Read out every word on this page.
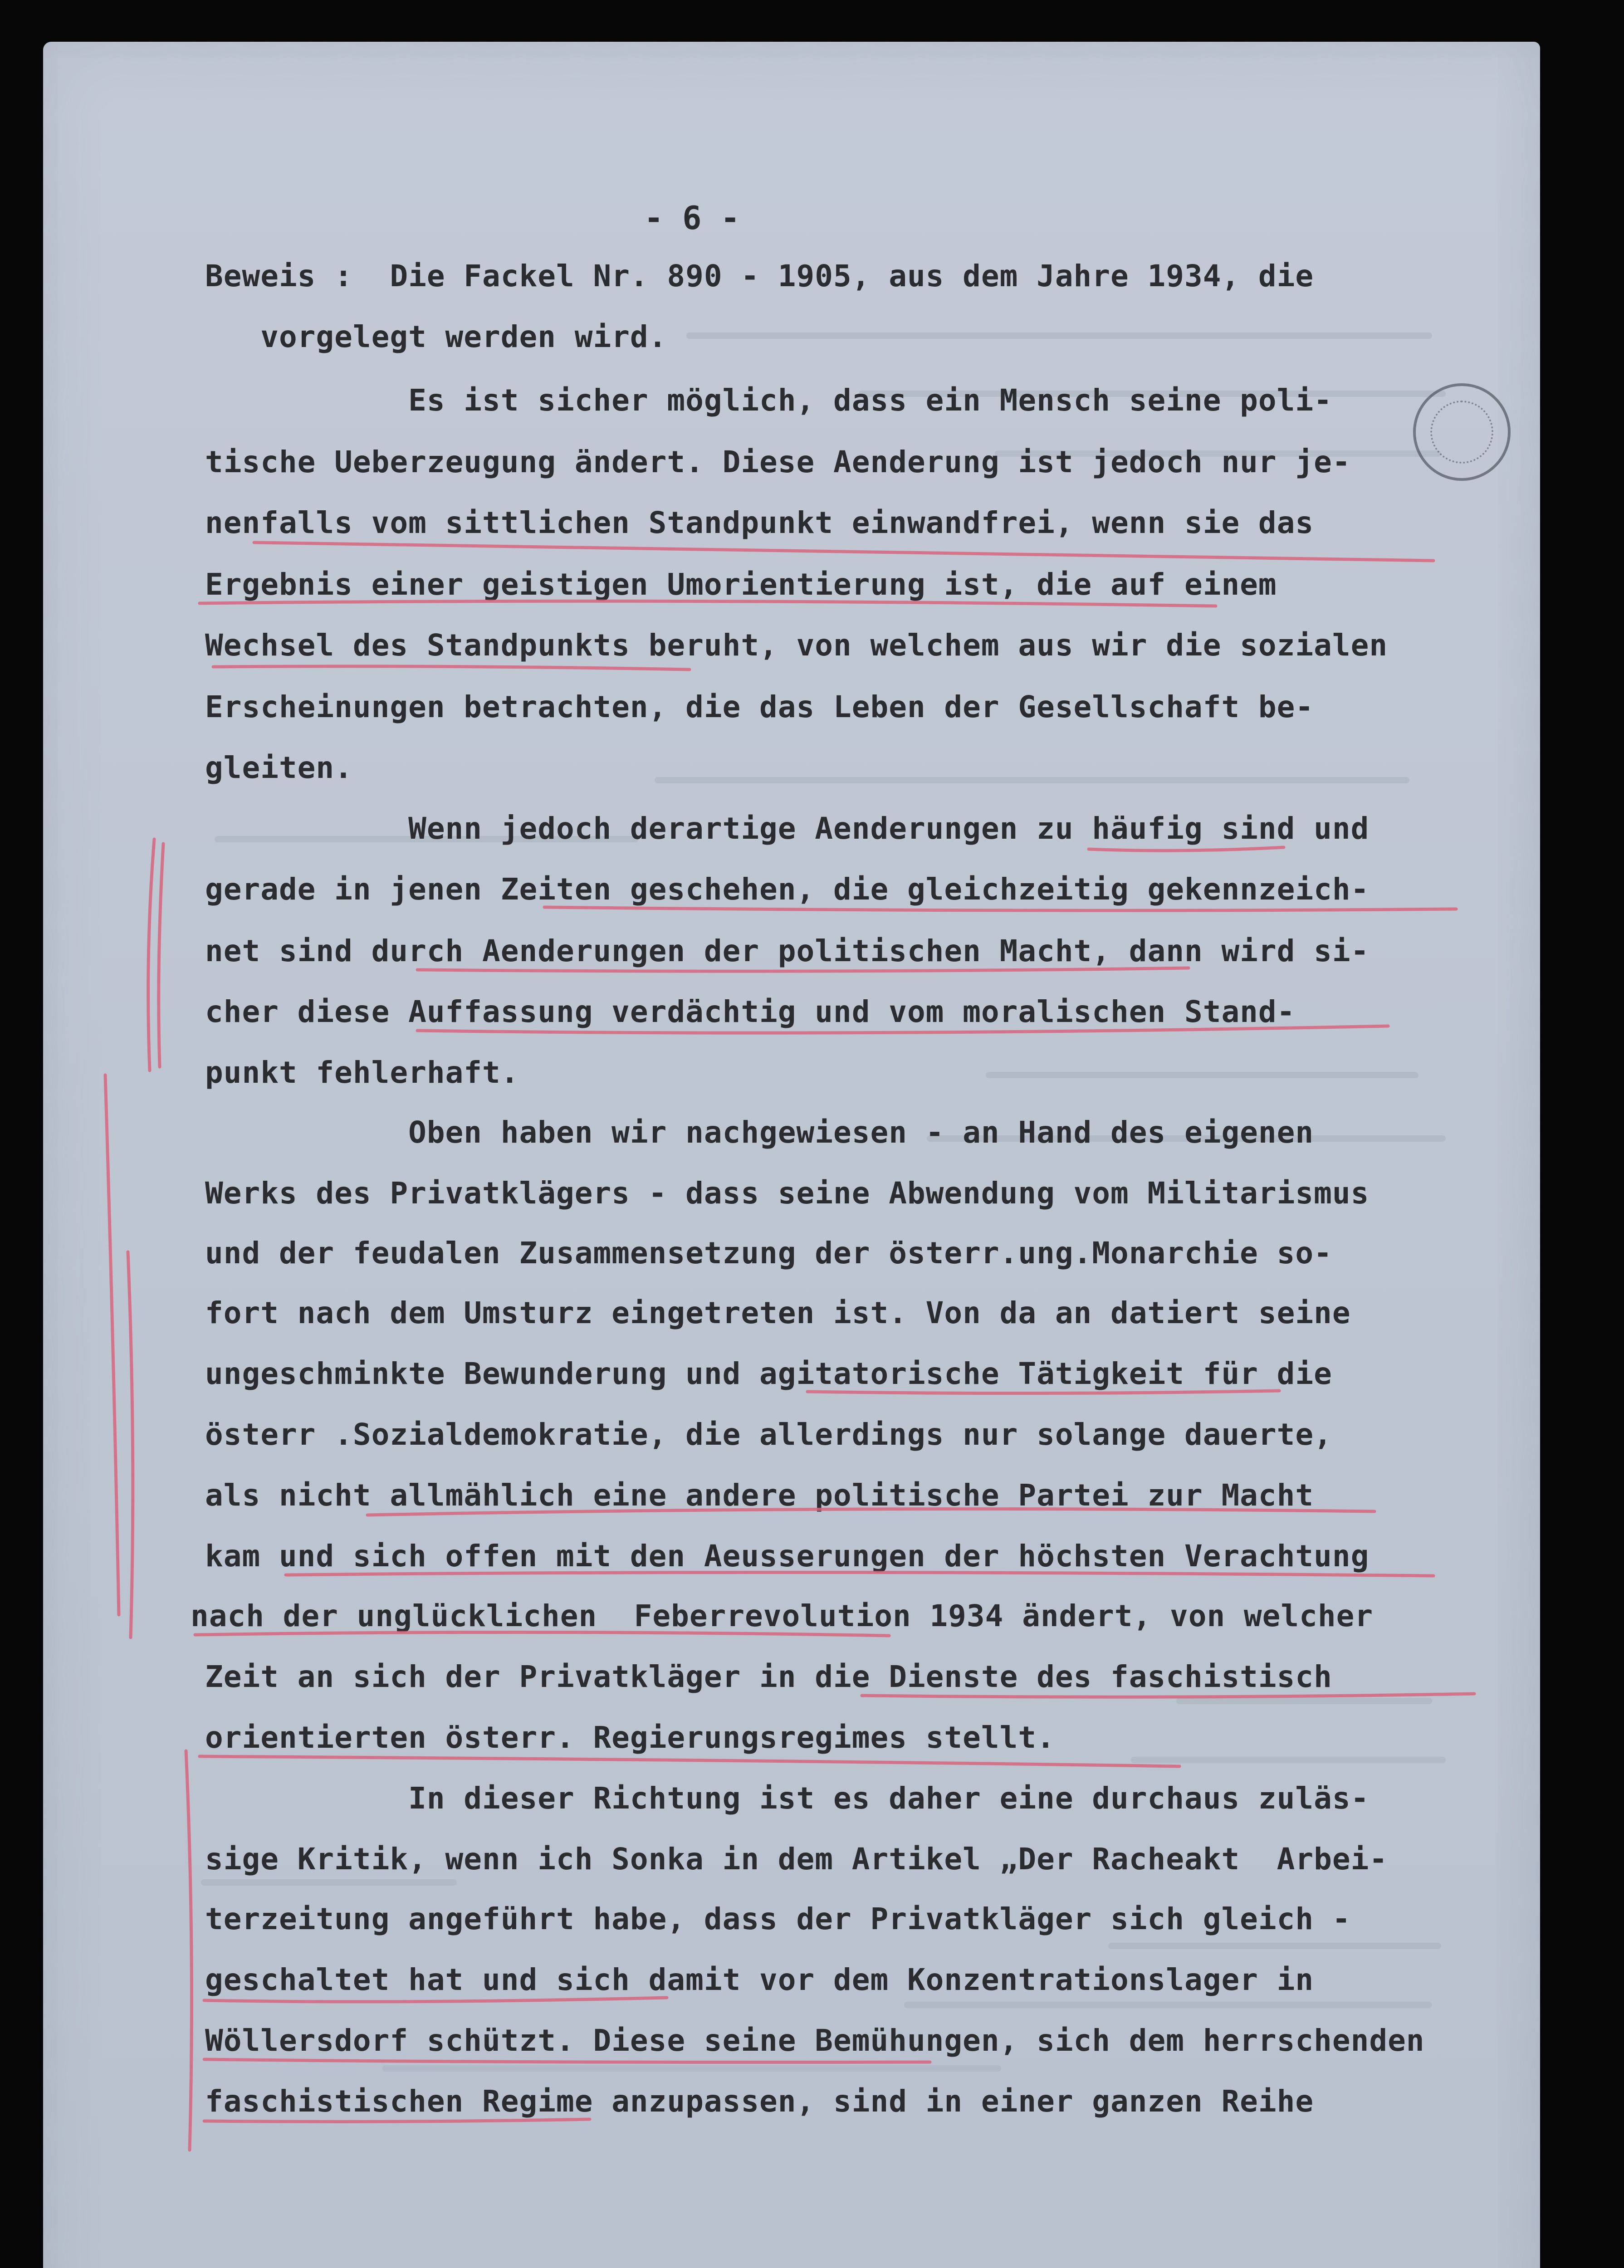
- 6 -
Beweis :  Die Fackel Nr. 890 - 1905, aus dem Jahre 1934, die
vorgelegt werden wird.
Es ist sicher möglich, dass ein Mensch seine poli-
tische Ueberzeugung ändert. Diese Aenderung ist jedoch nur je-
nenfalls vom sittlichen Standpunkt einwandfrei, wenn sie das
Ergebnis einer geistigen Umorientierung ist, die auf einem
Wechsel des Standpunkts beruht, von welchem aus wir die sozialen
Erscheinungen betrachten, die das Leben der Gesellschaft be-
gleiten.
Wenn jedoch derartige Aenderungen zu häufig sind und
gerade in jenen Zeiten geschehen, die gleichzeitig gekennzeich-
net sind durch Aenderungen der politischen Macht, dann wird si-
cher diese Auffassung verdächtig und vom moralischen Stand-
punkt fehlerhaft.
Oben haben wir nachgewiesen - an Hand des eigenen
Werks des Privatklägers - dass seine Abwendung vom Militarismus
und der feudalen Zusammensetzung der österr.ung.Monarchie so-
fort nach dem Umsturz eingetreten ist. Von da an datiert seine
ungeschminkte Bewunderung und agitatorische Tätigkeit für die
österr .Sozialdemokratie, die allerdings nur solange dauerte,
als nicht allmählich eine andere politische Partei zur Macht
kam und sich offen mit den Aeusserungen der höchsten Verachtung
nach der unglücklichen  Feberrevolution 1934 ändert, von welcher
Zeit an sich der Privatkläger in die Dienste des faschistisch
orientierten österr. Regierungsregimes stellt.
In dieser Richtung ist es daher eine durchaus zuläs-
sige Kritik, wenn ich Sonka in dem Artikel „Der Racheakt  Arbei-
terzeitung angeführt habe, dass der Privatkläger sich gleich -
geschaltet hat und sich damit vor dem Konzentrationslager in
Wöllersdorf schützt. Diese seine Bemühungen, sich dem herrschenden
faschistischen Regime anzupassen, sind in einer ganzen Reihe
